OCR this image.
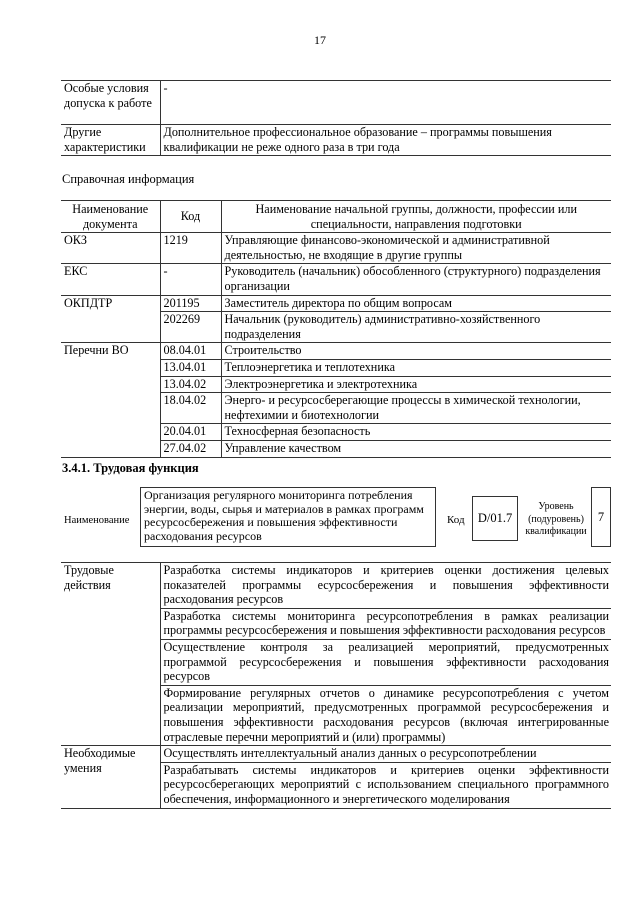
17
Особые условия допуска к работе	-
Другие характеристики	Дополнительное профессиональное образование – программы повышения квалификации не реже одного раза в три года
Справочная информация
Наименование документа	Код	Наименование начальной группы, должности, профессии или специальности, направления подготовки
ОКЗ	1219	Управляющие финансово-экономической и административной деятельностью, не входящие в другие группы
ЕКС	-	Руководитель (начальник) обособленного (структурного) подразделения организации
ОКПДТР	201195	Заместитель директора по общим вопросам
	202269	Начальник (руководитель) административно-хозяйственного подразделения
Перечни ВО	08.04.01	Строительство
	13.04.01	Теплоэнергетика и теплотехника
	13.04.02	Электроэнергетика и электротехника
	18.04.02	Энерго- и ресурсосберегающие процессы в химической технологии, нефтехимии и биотехнологии
	20.04.01	Техносферная безопасность
	27.04.02	Управление качеством
3.4.1. Трудовая функция
Наименование
Организация регулярного мониторинга потребления энергии, воды, сырья и материалов в рамках программ ресурсосбережения и повышения эффективности расходования ресурсов
Код	D/01.7
Уровень (подуровень) квалификации
7
Трудовые действия	Разработка системы индикаторов и критериев оценки достижения целевых показателей программы есурсосбережения и повышения эффективности расходования ресурсов
	Разработка системы мониторинга ресурсопотребления в рамках реализации программы ресурсосбережения и повышения эффективности расходования ресурсов
	Осуществление контроля за реализацией мероприятий, предусмотренных программой ресурсосбережения и повышения эффективности расходования ресурсов
	Формирование регулярных отчетов о динамике ресурсопотребления с учетом реализации мероприятий, предусмотренных программой ресурсосбережения и повышения эффективности расходования ресурсов (включая интегрированные отраслевые перечни мероприятий и (или) программы)
Необходимые умения	Осуществлять интеллектуальный анализ данных о ресурсопотреблении
	Разрабатывать системы индикаторов и критериев оценки эффективности ресурсосберегающих мероприятий с использованием специального программного обеспечения, информационного и энергетического моделирования
